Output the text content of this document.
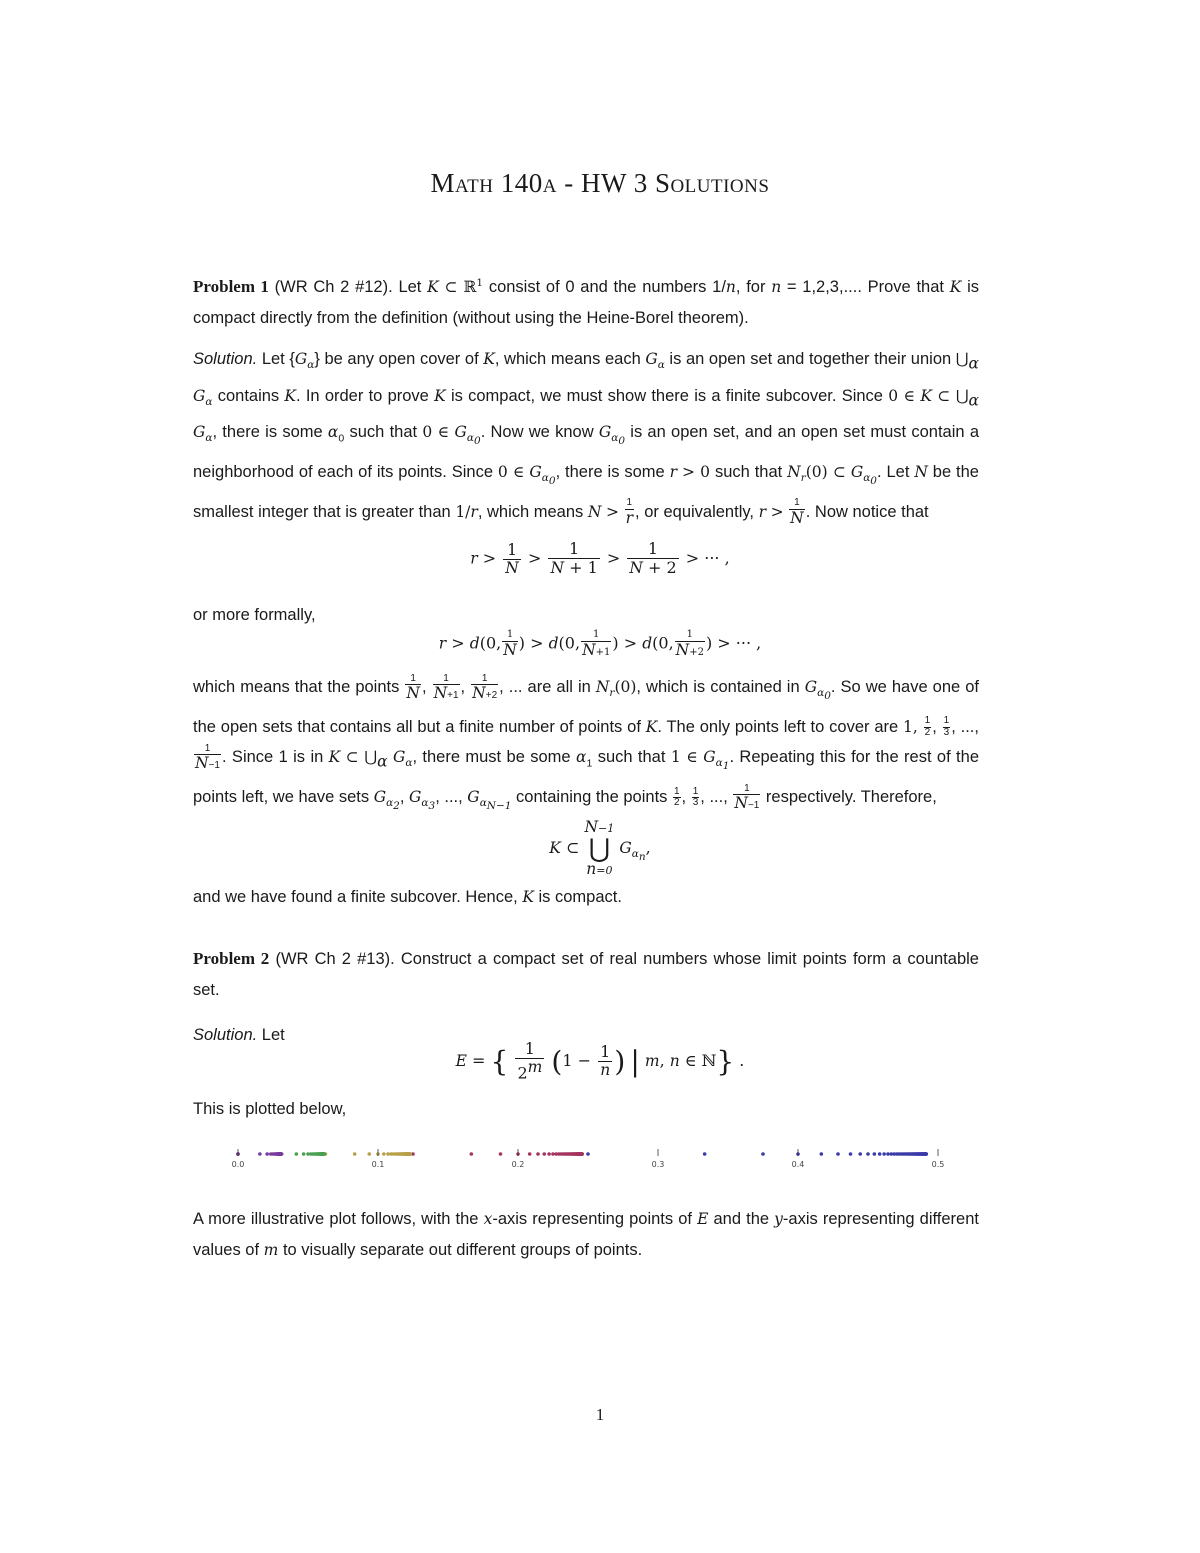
Math 140a - HW 3 Solutions
Problem 1 (WR Ch 2 #12). Let K ⊂ ℝ$^1$ consist of 0 and the numbers 1/n, for n = 1,2,3,.... Prove that K is compact directly from the definition (without using the Heine-Borel theorem).
Solution. Let $\{G_\alpha\}$ be any open cover of K, which means each $G_\alpha$ is an open set and together their union $⋃_\alpha$ $G_\alpha$ contains K. In order to prove K is compact, we must show there is a finite subcover. Since 0 ∈ K ⊂ $⋃_\alpha$ $G_\alpha$, there is some $\alpha_0$ such that 0 ∈ $G_{\alpha_0}$. Now we know $G_{\alpha_0}$ is an open set, and an open set must contain a neighborhood of each of its points. Since 0 ∈ $G_{\alpha_0}$, there is some r > 0 such that $N_r(0)$ ⊂ $G_{\alpha_0}$. Let N be the smallest integer that is greater than 1/r, which means $N > \frac{1}{r}$ , or equivalently, $r > \frac{1}{N}$ . Now notice that
$r > \frac{1}{N} > \frac{1}{N + 1} > \frac{1}{N + 2}$ > ··· ,
or more formally,
r > d(0, $\frac{1}{N}$ ) > d(0, $\frac{1}{N+1}$ ) > d(0, $\frac{1}{N+2}$ ) > ··· ,
which means that the points $\frac{1}{N}$ , $\frac{1}{N+1}$ , $\frac{1}{N+2}$ , ... are all in $N_r(0)$, which is contained in $G_{\alpha_0}$. So we have one of the open sets that contains all but a finite number of points of K. The only points left to cover are 1, $\frac{1}{2}$ , $\frac{1}{3}$ , ...,
$\frac{1}{N-1}$ . Since 1 is in K ⊂ $⋃_\alpha$ $G_\alpha$, there must be some $\alpha_1$ such that 1 ∈ $G_{\alpha_1}$. Repeating this for the rest of the points left, we have sets $G_{\alpha_2}$, $G_{\alpha_3}$, ..., $G_{\alpha_{N-1}}$ containing the points $\frac{1}{2}$ , $\frac{1}{3}$ , ..., $\frac{1}{N-1}$ respectively. Therefore,
K ⊂
N−1
⋃
n=0
$G_{\alpha_n}$,
and we have found a finite subcover. Hence, K is compact.
Problem 2 (WR Ch 2 #13). Construct a compact set of real numbers whose limit points form a countable set.
Solution. Let
E = { $\frac{1}{2^m} (1 - \frac{1}{n}$ ) | m, n ∈ ℕ} .
This is plotted below,
0.0	0.1	0.2	0.3	0.4	0.5
A more illustrative plot follows, with the x-axis representing points of E and the y-axis representing different values of m to visually separate out different groups of points.
1
